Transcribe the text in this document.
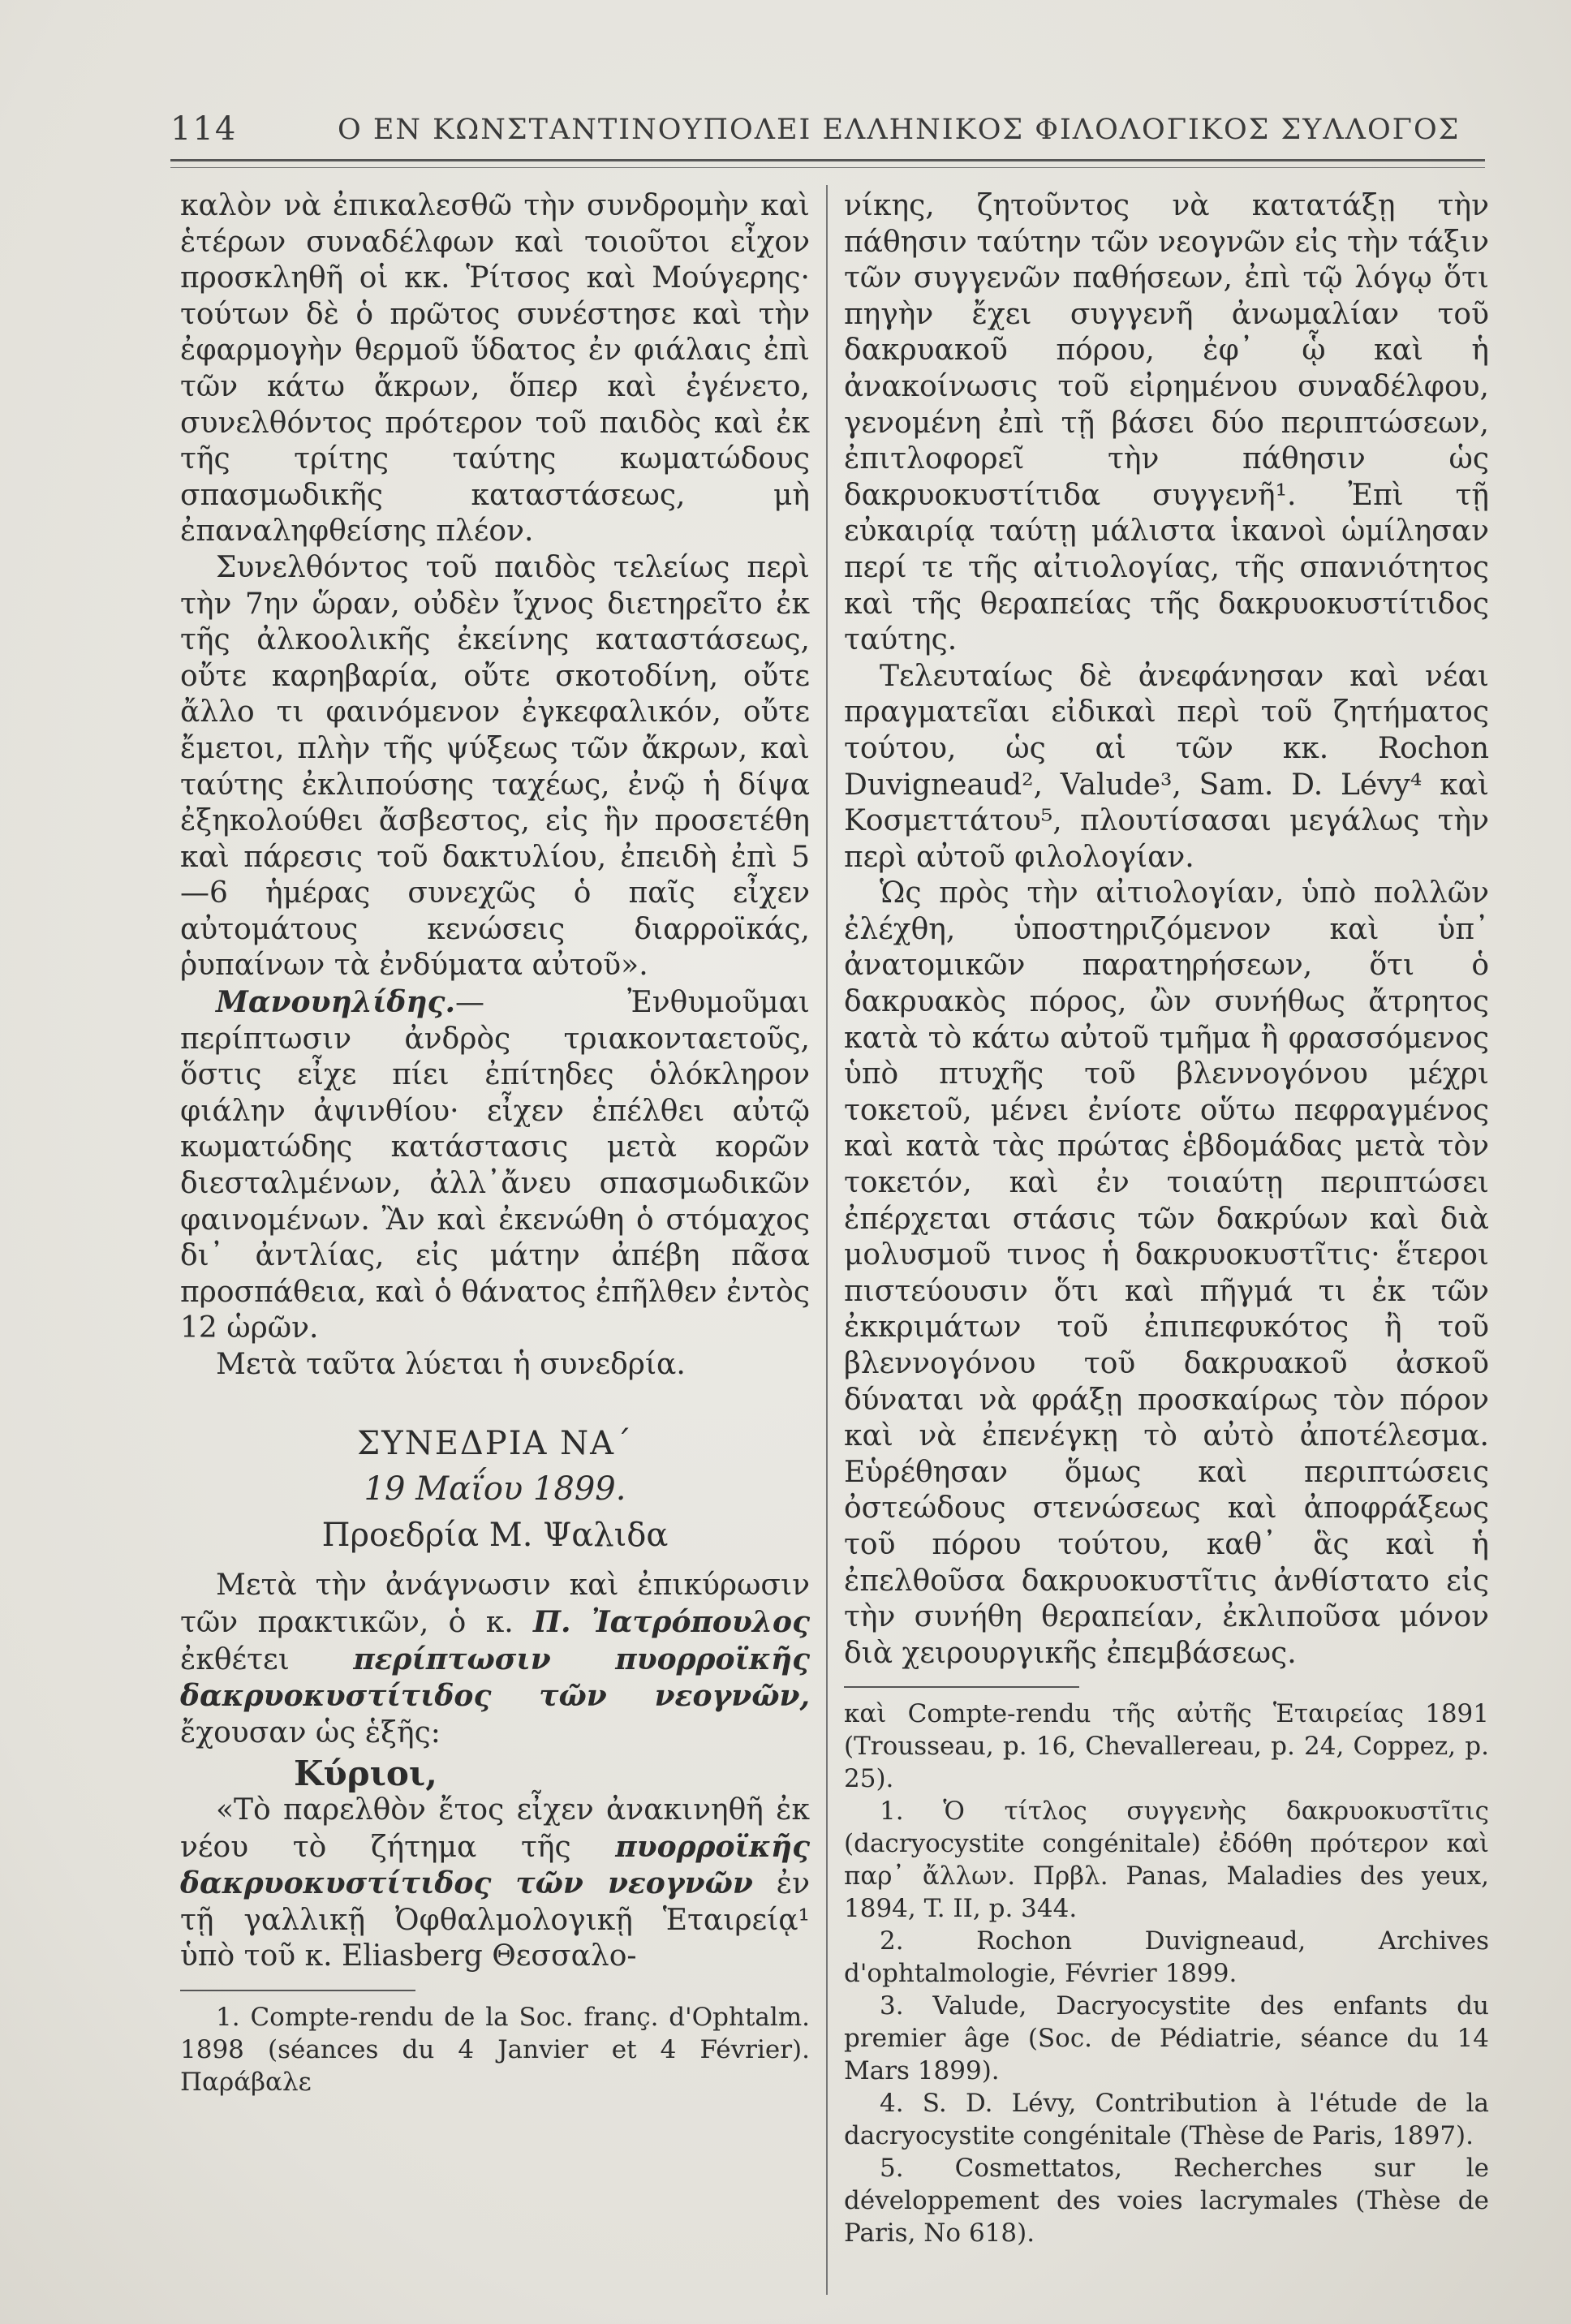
114	Ο ΕΝ ΚΩΝΣΤΑΝΤΙΝΟΥΠΟΛΕΙ ΕΛΛΗΝΙΚΟΣ ΦΙΛΟΛΟΓΙΚΟΣ ΣΥΛΛΟΓΟΣ

καλὸν νὰ ἐπικαλεσθῶ τὴν συνδρομὴν καὶ ἑτέρων συναδέλφων καὶ τοιοῦτοι εἶχον προσκληθῆ οἱ κκ. Ῥίτσος καὶ Μούγερης· τούτων δὲ ὁ πρῶτος συνέστησε καὶ τὴν ἐφαρμογὴν θερμοῦ ὕδατος ἐν φιάλαις ἐπὶ τῶν κάτω ἄκρων, ὅπερ καὶ ἐγένετο, συνελθόντος πρότερον τοῦ παιδὸς καὶ ἐκ τῆς τρίτης ταύτης κωματώδους σπασμωδικῆς καταστάσεως, μὴ ἐπαναληφθείσης πλέον.

Συνελθόντος τοῦ παιδὸς τελείως περὶ τὴν 7ην ὥραν, οὐδὲν ἴχνος διετηρεῖτο ἐκ τῆς ἀλκοολικῆς ἐκείνης καταστάσεως, οὔτε καρηβαρία, οὔτε σκοτοδίνη, οὔτε ἄλλο τι φαινόμενον ἐγκεφαλικόν, οὔτε ἔμετοι, πλὴν τῆς ψύξεως τῶν ἄκρων, καὶ ταύτης ἐκλιπούσης ταχέως, ἐνῷ ἡ δίψα ἐξηκολούθει ἄσβεστος, εἰς ἣν προσετέθη καὶ πάρεσις τοῦ δακτυλίου, ἐπειδὴ ἐπὶ 5—6 ἡμέρας συνεχῶς ὁ παῖς εἶχεν αὐτομάτους κενώσεις διαρροϊκάς, ῥυπαίνων τὰ ἐνδύματα αὐτοῦ».

Μανουηλίδης.— Ἐνθυμοῦμαι περίπτωσιν ἀνδρὸς τριακονταετοῦς, ὅστις εἶχε πίει ἐπίτηδες ὁλόκληρον φιάλην ἀψινθίου· εἶχεν ἐπέλθει αὐτῷ κωματώδης κατάστασις μετὰ κορῶν διεσταλμένων, ἀλλ᾽ἄνευ σπασμωδικῶν φαινομένων. Ἂν καὶ ἐκενώθη ὁ στόμαχος δι᾽ ἀντλίας, εἰς μάτην ἀπέβη πᾶσα προσπάθεια, καὶ ὁ θάνατος ἐπῆλθεν ἐντὸς 12 ὡρῶν.

Μετὰ ταῦτα λύεται ἡ συνεδρία.

ΣΥΝΕΔΡΙΑ ΝΑ´
19 Μαΐου 1899.
Προεδρία Μ. Ψαλιδα

Μετὰ τὴν ἀνάγνωσιν καὶ ἐπικύρωσιν τῶν πρακτικῶν, ὁ κ. Π. Ἰατρόπουλος ἐκθέτει περίπτωσιν πυορροϊκῆς δακρυοκυστίτιδος τῶν νεογνῶν, ἔχουσαν ὡς ἑξῆς:

Κύριοι,

«Τὸ παρελθὸν ἔτος εἶχεν ἀνακινηθῆ ἐκ νέου τὸ ζήτημα τῆς πυορροϊκῆς δακρυοκυστίτιδος τῶν νεογνῶν ἐν τῇ γαλλικῇ Ὀφθαλμολογικῇ Ἑταιρείᾳ¹ ὑπὸ τοῦ κ. Eliasberg Θεσσαλο-

1. Compte-rendu de la Soc. franç. d'Ophtalm. 1898 (séances du 4 Janvier et 4 Février). Παράβαλε

νίκης, ζητοῦντος νὰ κατατάξῃ τὴν πάθησιν ταύτην τῶν νεογνῶν εἰς τὴν τάξιν τῶν συγγενῶν παθήσεων, ἐπὶ τῷ λόγῳ ὅτι πηγὴν ἔχει συγγενῆ ἀνωμαλίαν τοῦ δακρυακοῦ πόρου, ἐφ᾽ ᾧ καὶ ἡ ἀνακοίνωσις τοῦ εἰρημένου συναδέλφου, γενομένη ἐπὶ τῇ βάσει δύο περιπτώσεων, ἐπιτλοφορεῖ τὴν πάθησιν ὡς δακρυοκυστίτιδα συγγενῆ¹. Ἐπὶ τῇ εὐκαιρίᾳ ταύτῃ μάλιστα ἱκανοὶ ὡμίλησαν περί τε τῆς αἰτιολογίας, τῆς σπανιότητος καὶ τῆς θεραπείας τῆς δακρυοκυστίτιδος ταύτης.

Τελευταίως δὲ ἀνεφάνησαν καὶ νέαι πραγματεῖαι εἰδικαὶ περὶ τοῦ ζητήματος τούτου, ὡς αἱ τῶν κκ. Rochon Duvigneaud², Valude³, Sam. D. Lévy⁴ καὶ Κοσμεττάτου⁵, πλουτίσασαι μεγάλως τὴν περὶ αὐτοῦ φιλολογίαν.

Ὡς πρὸς τὴν αἰτιολογίαν, ὑπὸ πολλῶν ἐλέχθη, ὑποστηριζόμενον καὶ ὑπ᾽ ἀνατομικῶν παρατηρήσεων, ὅτι ὁ δακρυακὸς πόρος, ὢν συνήθως ἄτρητος κατὰ τὸ κάτω αὐτοῦ τμῆμα ἢ φρασσόμενος ὑπὸ πτυχῆς τοῦ βλεννογόνου μέχρι τοκετοῦ, μένει ἐνίοτε οὕτω πεφραγμένος καὶ κατὰ τὰς πρώτας ἑβδομάδας μετὰ τὸν τοκετόν, καὶ ἐν τοιαύτῃ περιπτώσει ἐπέρχεται στάσις τῶν δακρύων καὶ διὰ μολυσμοῦ τινος ἡ δακρυοκυστῖτις· ἕτεροι πιστεύουσιν ὅτι καὶ πῆγμά τι ἐκ τῶν ἐκκριμάτων τοῦ ἐπιπεφυκότος ἢ τοῦ βλεννογόνου τοῦ δακρυακοῦ ἀσκοῦ δύναται νὰ φράξῃ προσκαίρως τὸν πόρον καὶ νὰ ἐπενέγκῃ τὸ αὐτὸ ἀποτέλεσμα. Εὑρέθησαν ὅμως καὶ περιπτώσεις ὀστεώδους στενώσεως καὶ ἀποφράξεως τοῦ πόρου τούτου, καθ᾽ ἃς καὶ ἡ ἐπελθοῦσα δακρυοκυστῖτις ἀνθίστατο εἰς τὴν συνήθη θεραπείαν, ἐκλιποῦσα μόνον διὰ χειρουργικῆς ἐπεμβάσεως.

καὶ Compte-rendu τῆς αὐτῆς Ἑταιρείας 1891 (Trousseau, p. 16, Chevallereau, p. 24, Coppez, p. 25).

1. Ὁ τίτλος συγγενὴς δακρυοκυστῖτις (dacryocystite congénitale) ἐδόθη πρότερον καὶ παρ᾽ ἄλλων. Πρβλ. Panas, Maladies des yeux, 1894, T. II, p. 344.

2. Rochon Duvigneaud, Archives d'ophtalmologie, Février 1899.

3. Valude, Dacryocystite des enfants du premier âge (Soc. de Pédiatrie, séance du 14 Mars 1899).

4. S. D. Lévy, Contribution à l'étude de la dacryocystite congénitale (Thèse de Paris, 1897).

5. Cosmettatos, Recherches sur le développement des voies lacrymales (Thèse de Paris, No 618).
